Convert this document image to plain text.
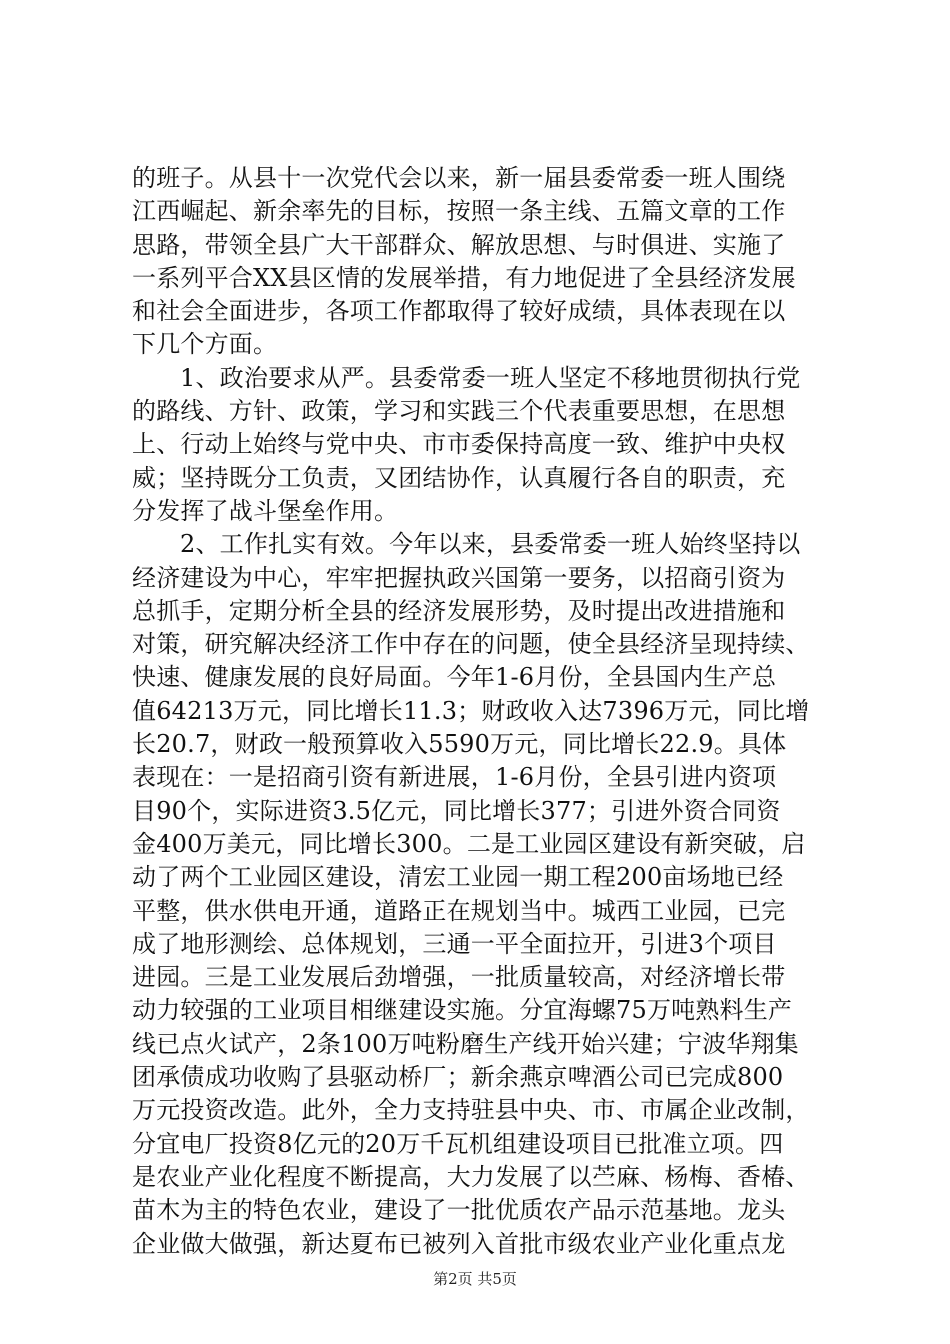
的班子。从县十一次党代会以来，新一届县委常委一班人围绕
江西崛起、新余率先的目标，按照一条主线、五篇文章的工作
思路，带领全县广大干部群众、解放思想、与时俱进、实施了
一系列平合XX县区情的发展举措，有力地促进了全县经济发展
和社会全面进步，各项工作都取得了较好成绩，具体表现在以
下几个方面。
1、政治要求从严。县委常委一班人坚定不移地贯彻执行党
的路线、方针、政策，学习和实践三个代表重要思想，在思想
上、行动上始终与党中央、市市委保持高度一致、维护中央权
威；坚持既分工负责，又团结协作，认真履行各自的职责，充
分发挥了战斗堡垒作用。
2、工作扎实有效。今年以来，县委常委一班人始终坚持以
经济建设为中心，牢牢把握执政兴国第一要务，以招商引资为
总抓手，定期分析全县的经济发展形势，及时提出改进措施和
对策，研究解决经济工作中存在的问题，使全县经济呈现持续、
快速、健康发展的良好局面。今年1-6月份，全县国内生产总
值64213万元，同比增长11.3；财政收入达7396万元，同比增
长20.7，财政一般预算收入5590万元，同比增长22.9。具体
表现在：一是招商引资有新进展，1-6月份，全县引进内资项
目90个，实际进资3.5亿元，同比增长377；引进外资合同资
金400万美元，同比增长300。二是工业园区建设有新突破，启
动了两个工业园区建设，清宏工业园一期工程200亩场地已经
平整，供水供电开通，道路正在规划当中。城西工业园，已完
成了地形测绘、总体规划，三通一平全面拉开，引进3个项目
进园。三是工业发展后劲增强，一批质量较高，对经济增长带
动力较强的工业项目相继建设实施。分宜海螺75万吨熟料生产
线已点火试产，2条100万吨粉磨生产线开始兴建；宁波华翔集
团承债成功收购了县驱动桥厂；新余燕京啤酒公司已完成800
万元投资改造。此外，全力支持驻县中央、市、市属企业改制，
分宜电厂投资8亿元的20万千瓦机组建设项目已批准立项。四
是农业产业化程度不断提高，大力发展了以苎麻、杨梅、香椿、
苗木为主的特色农业，建设了一批优质农产品示范基地。龙头
企业做大做强，新达夏布已被列入首批市级农业产业化重点龙
第2页 共5页
